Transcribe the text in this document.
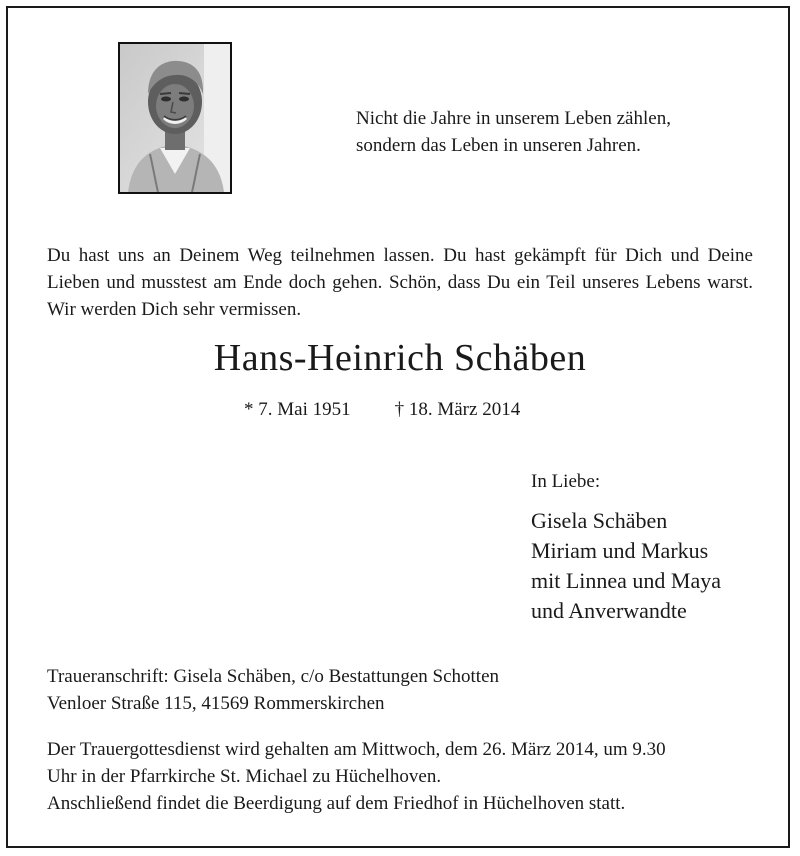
Nicht die Jahre in unserem Leben zählen,
sondern das Leben in unseren Jahren.

Du hast uns an Deinem Weg teilnehmen lassen. Du hast gekämpft für Dich und Deine Lieben und musstest am Ende doch gehen. Schön, dass Du ein Teil unseres Lebens warst. Wir werden Dich sehr vermissen.

Hans-Heinrich Schäben
* 7. Mai 1951 † 18. März 2014
In Liebe:
Gisela Schäben
Miriam und Markus
mit Linnea und Maya
und Anverwandte
Traueranschrift: Gisela Schäben, c/o Bestattungen Schotten
Venloer Straße 115, 41569 Rommerskirchen
Der Trauergottesdienst wird gehalten am Mittwoch, dem 26. März 2014, um 9.30
Uhr in der Pfarrkirche St. Michael zu Hüchelhoven.
Anschließend findet die Beerdigung auf dem Friedhof in Hüchelhoven statt.
